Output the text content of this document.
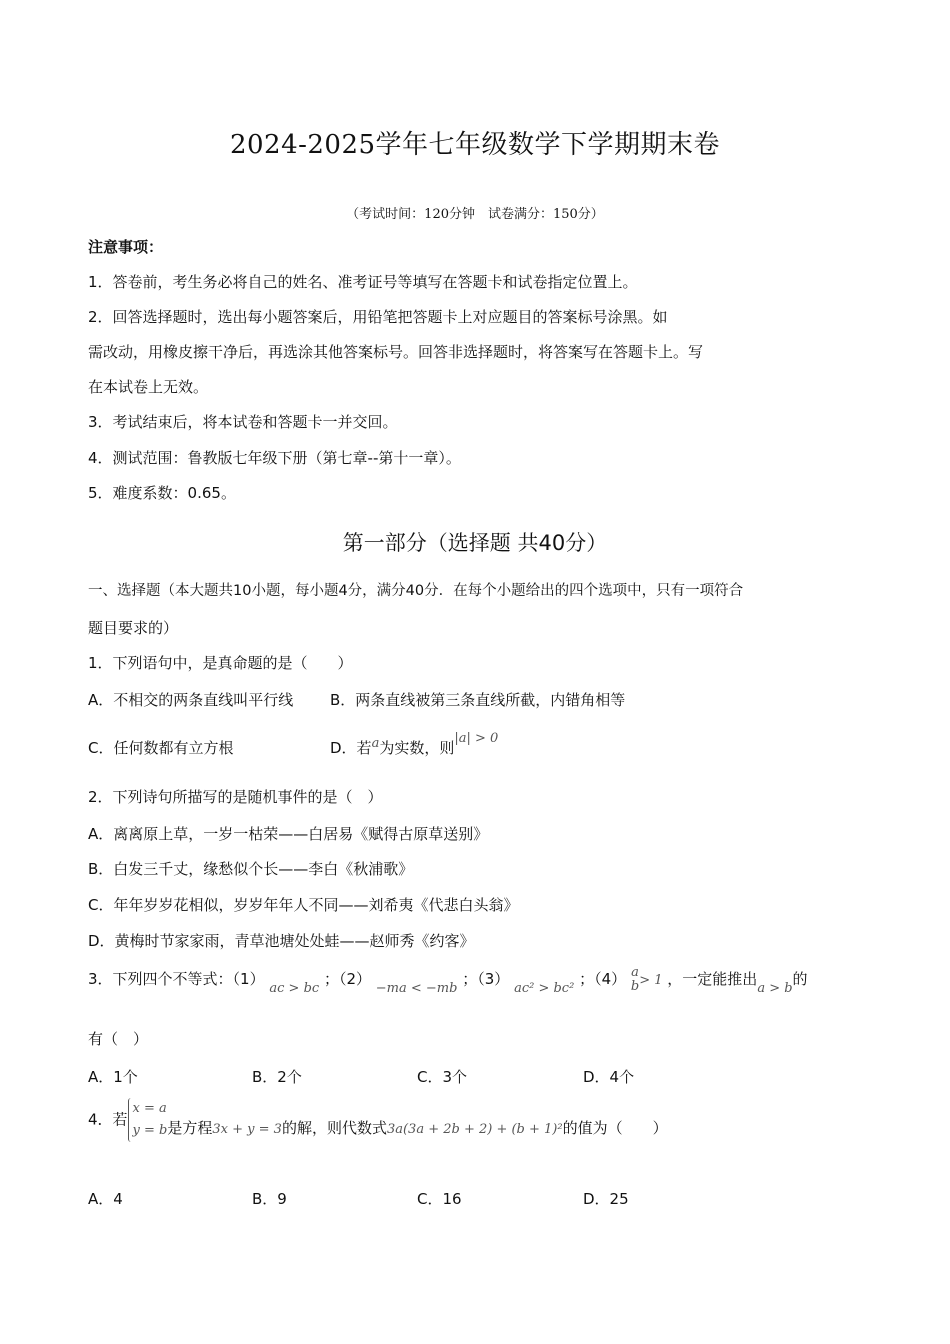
2024-2025学年七年级数学下学期期末卷
（考试时间：120分钟　试卷满分：150分）
注意事项：
1．答卷前，考生务必将自己的姓名、准考证号等填写在答题卡和试卷指定位置上。
2．回答选择题时，选出每小题答案后，用铅笔把答题卡上对应题目的答案标号涂黑。如
需改动，用橡皮擦干净后，再选涂其他答案标号。回答非选择题时，将答案写在答题卡上。写
在本试卷上无效。
3．考试结束后，将本试卷和答题卡一并交回。
4．测试范围：鲁教版七年级下册（第七章--第十一章）。
5．难度系数：0.65。
第一部分（选择题 共40分）
一、选择题（本大题共10小题，每小题4分，满分40分．在每个小题给出的四个选项中，只有一项符合
题目要求的）
1．下列语句中，是真命题的是（　　）
A．不相交的两条直线叫平行线 B．两条直线被第三条直线所截，内错角相等
C．任何数都有立方根	D．若a为实数，则|a| > 0
2．下列诗句所描写的是随机事件的是（　）
A．离离原上草，一岁一枯荣——白居易《赋得古原草送别》
B．白发三千丈，缘愁似个长——李白《秋浦歌》
C．年年岁岁花相似，岁岁年年人不同——刘希夷《代悲白头翁》
D．黄梅时节家家雨，青草池塘处处蛙——赵师秀《约客》
3．下列四个不等式：（1） ac > bc ；（2） −ma < −mb ；（3） ac² > bc² ；（4） a
b > 1 ，一定能推出a > b的
有（　）
A．1个	B．2个	C．3个	D．4个
4．若
x = a
y = b 是方程3x + y = 3的解，则代数式3a(3a + 2b + 2) + (b + 1)²的值为（　　）
A．4	B．9	C．16	D．25
